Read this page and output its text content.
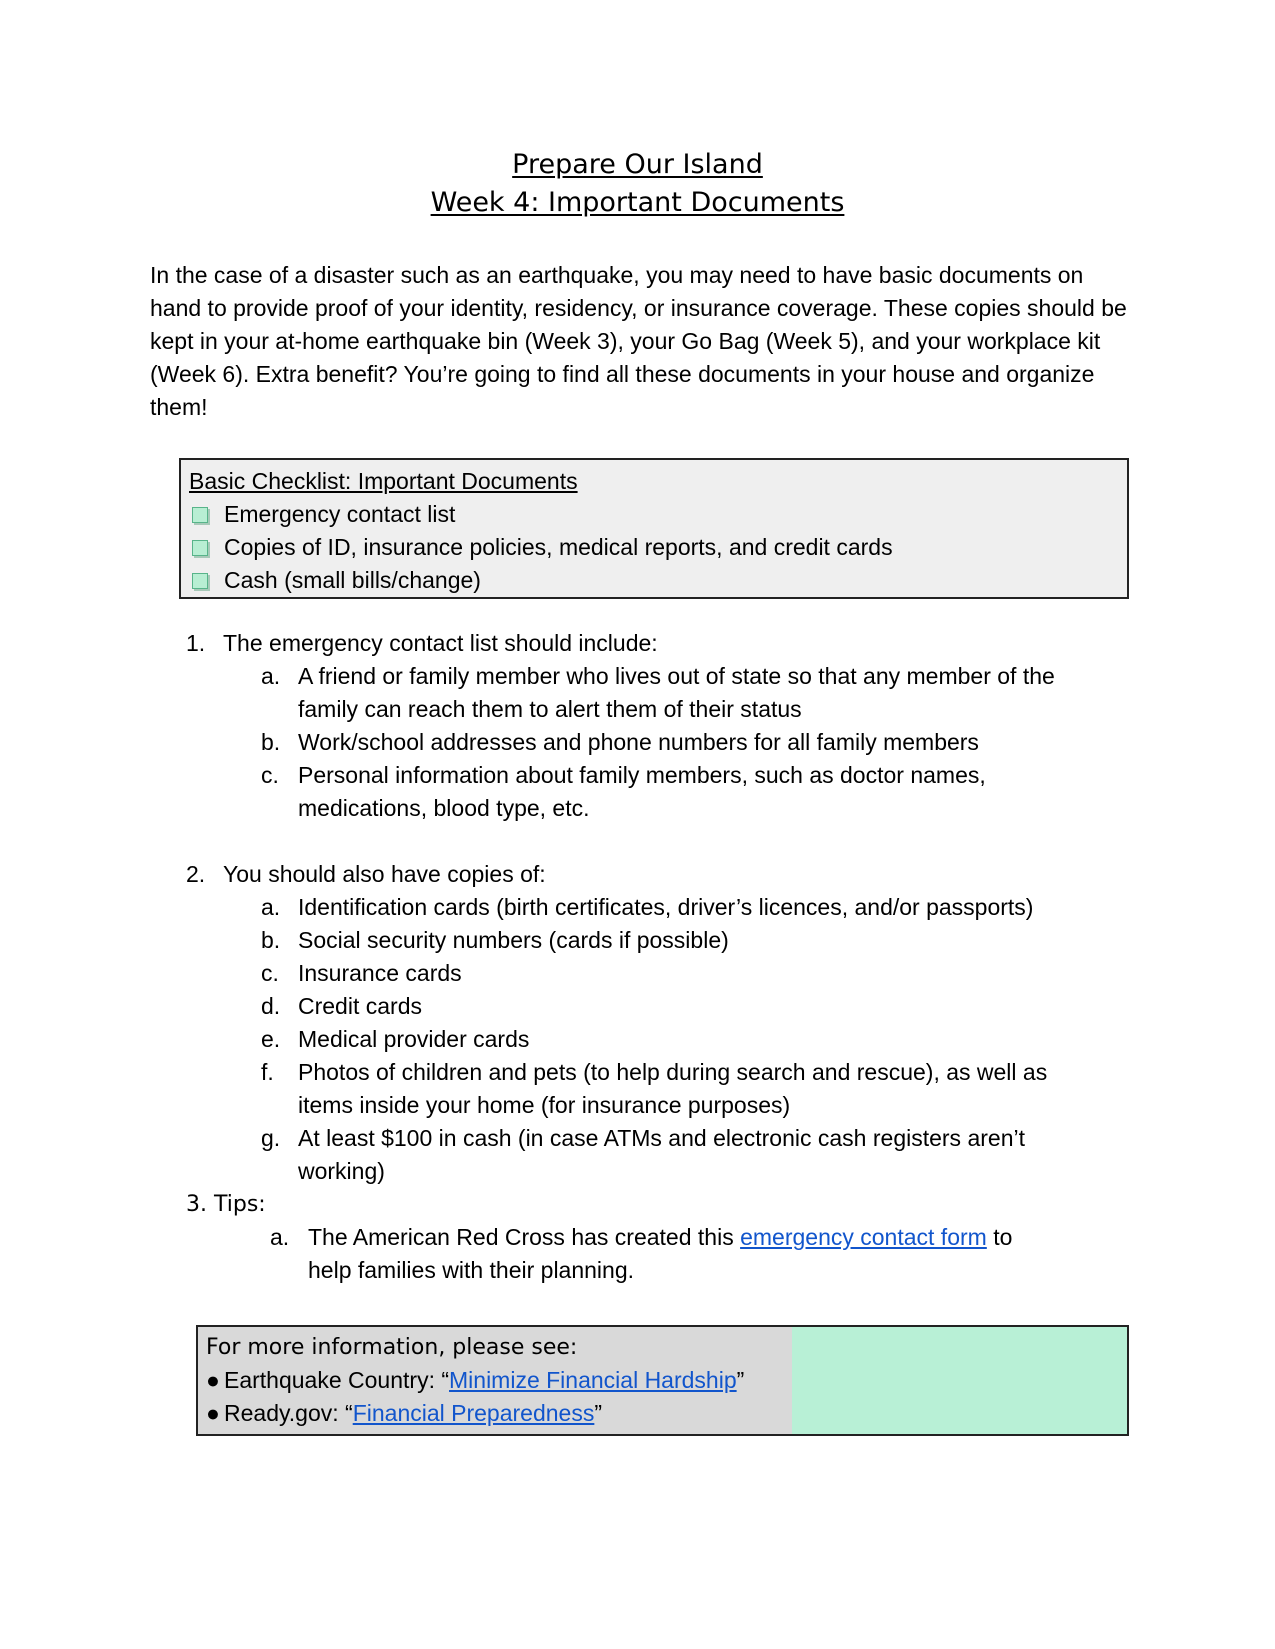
Prepare Our Island
Week 4: Important Documents

In the case of a disaster such as an earthquake, you may need to have basic documents on hand to provide proof of your identity, residency, or insurance coverage. These copies should be kept in your at-home earthquake bin (Week 3), your Go Bag (Week 5), and your workplace kit (Week 6). Extra benefit? You’re going to find all these documents in your house and organize them!

Basic Checklist: Important Documents
Emergency contact list
Copies of ID, insurance policies, medical reports, and credit cards
Cash (small bills/change)
1. The emergency contact list should include:
a. A friend or family member who lives out of state so that any member of the
family can reach them to alert them of their status
b. Work/school addresses and phone numbers for all family members
c. Personal information about family members, such as doctor names,
medications, blood type, etc.
2. You should also have copies of:
a. Identification cards (birth certificates, driver’s licences, and/or passports)
b. Social security numbers (cards if possible)
c. Insurance cards
d. Credit cards
e. Medical provider cards
f. Photos of children and pets (to help during search and rescue), as well as
items inside your home (for insurance purposes)
g. At least $100 in cash (in case ATMs and electronic cash registers aren’t
working)
3. Tips:
a. The American Red Cross has created this emergency contact form to
help families with their planning.
For more information, please see:
● Earthquake Country: “Minimize Financial Hardship”
● Ready.gov: “Financial Preparedness”
